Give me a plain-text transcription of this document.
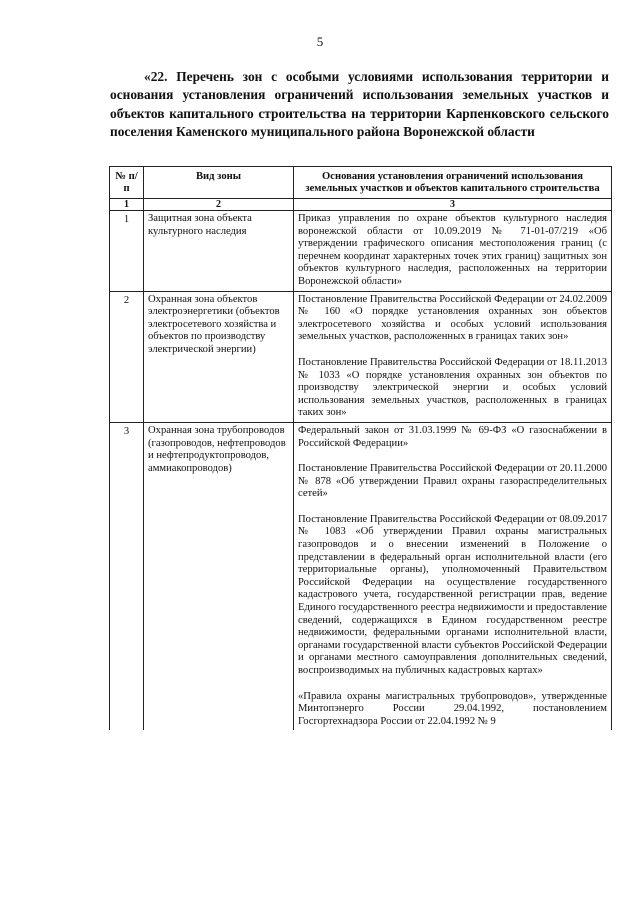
5
«22. Перечень зон с особыми условиями использования территории и основания установления ограничений использования земельных участков и объектов капитального строительства на территории Карпенковского сельского поселения Каменского муниципального района Воронежской области
№ п/п	Вид зоны	Основания установления ограничений использования земельных участков и объектов капитального строительства
1	2	3
1	Защитная зона объекта культурного наследия	Приказ управления по охране объектов культурного наследия воронежской области от 10.09.2019 № 71-01-07/219 «Об утверждении графического описания местоположения границ (с перечнем координат характерных точек этих границ) защитных зон объектов культурного наследия, расположенных на территории Воронежской области»

2	Охранная зона объектов электроэнергетики (объектов электросетевого хозяйства и объектов по производству электрической энергии)	Постановление Правительства Российской Федерации от 24.02.2009 № 160 «О порядке установления охранных зон объектов электросетевого хозяйства и особых условий использования земельных участков, расположенных в границах таких зон»
Постановление Правительства Российской Федерации от 18.11.2013 № 1033 «О порядке установления охранных зон объектов по производству электрической энергии и особых условий использования земельных участков, расположенных в границах таких зон»

3	Охранная зона трубопроводов (газопроводов, нефтепроводов и нефтепродуктопроводов, аммиакопроводов)	Федеральный закон от 31.03.1999 № 69-ФЗ «О газоснабжении в Российской Федерации»
Постановление Правительства Российской Федерации от 20.11.2000 № 878 «Об утверждении Правил охраны газораспределительных сетей»
Постановление Правительства Российской Федерации от 08.09.2017 № 1083 «Об утверждении Правил охраны магистральных газопроводов и о внесении изменений в Положение о представлении в федеральный орган исполнительной власти (его территориальные органы), уполномоченный Правительством Российской Федерации на осуществление государственного кадастрового учета, государственной регистрации прав, ведение Единого государственного реестра недвижимости и предоставление сведений, содержащихся в Едином государственном реестре недвижимости, федеральными органами исполнительной власти, органами государственной власти субъектов Российской Федерации и органами местного самоуправления дополнительных сведений, воспроизводимых на публичных кадастровых картах»
«Правила охраны магистральных трубопроводов», утвержденные Минтопэнерго России 29.04.1992, постановлением Госгортехнадзора России от 22.04.1992 № 9
